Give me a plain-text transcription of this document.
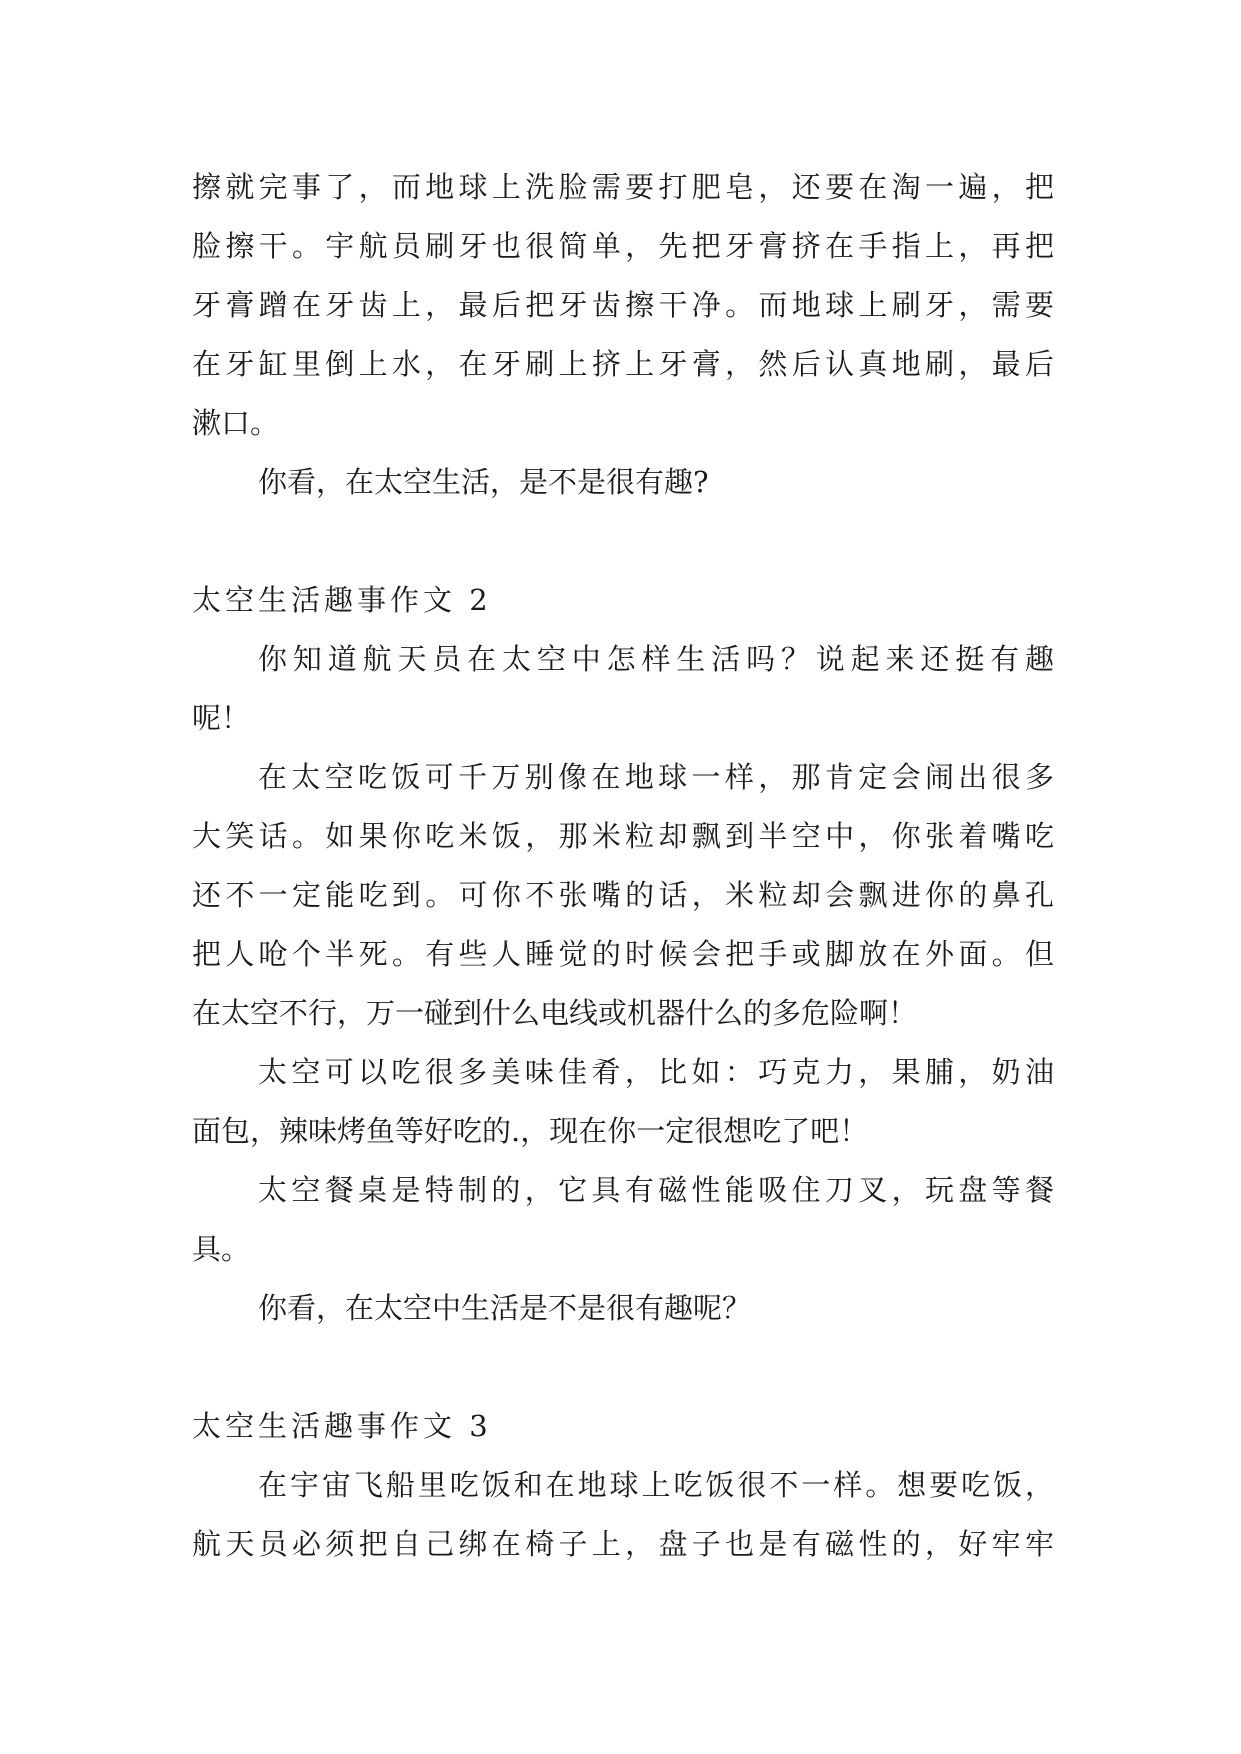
擦就完事了，而地球上洗脸需要打肥皂，还要在淘一遍，把
脸擦干。宇航员刷牙也很简单，先把牙膏挤在手指上，再把
牙膏蹭在牙齿上，最后把牙齿擦干净。而地球上刷牙，需要
在牙缸里倒上水，在牙刷上挤上牙膏，然后认真地刷，最后
漱口。
你看，在太空生活，是不是很有趣?
太空生活趣事作文 2
你知道航天员在太空中怎样生活吗？说起来还挺有趣
呢！
在太空吃饭可千万别像在地球一样，那肯定会闹出很多
大笑话。如果你吃米饭，那米粒却飘到半空中，你张着嘴吃
还不一定能吃到。可你不张嘴的话，米粒却会飘进你的鼻孔
把人呛个半死。有些人睡觉的时候会把手或脚放在外面。但
在太空不行，万一碰到什么电线或机器什么的多危险啊！
太空可以吃很多美味佳肴，比如：巧克力，果脯，奶油
面包，辣味烤鱼等好吃的.，现在你一定很想吃了吧！
太空餐桌是特制的，它具有磁性能吸住刀叉，玩盘等餐
具。
你看，在太空中生活是不是很有趣呢？
太空生活趣事作文 3
在宇宙飞船里吃饭和在地球上吃饭很不一样。想要吃饭，
航天员必须把自己绑在椅子上，盘子也是有磁性的，好牢牢
